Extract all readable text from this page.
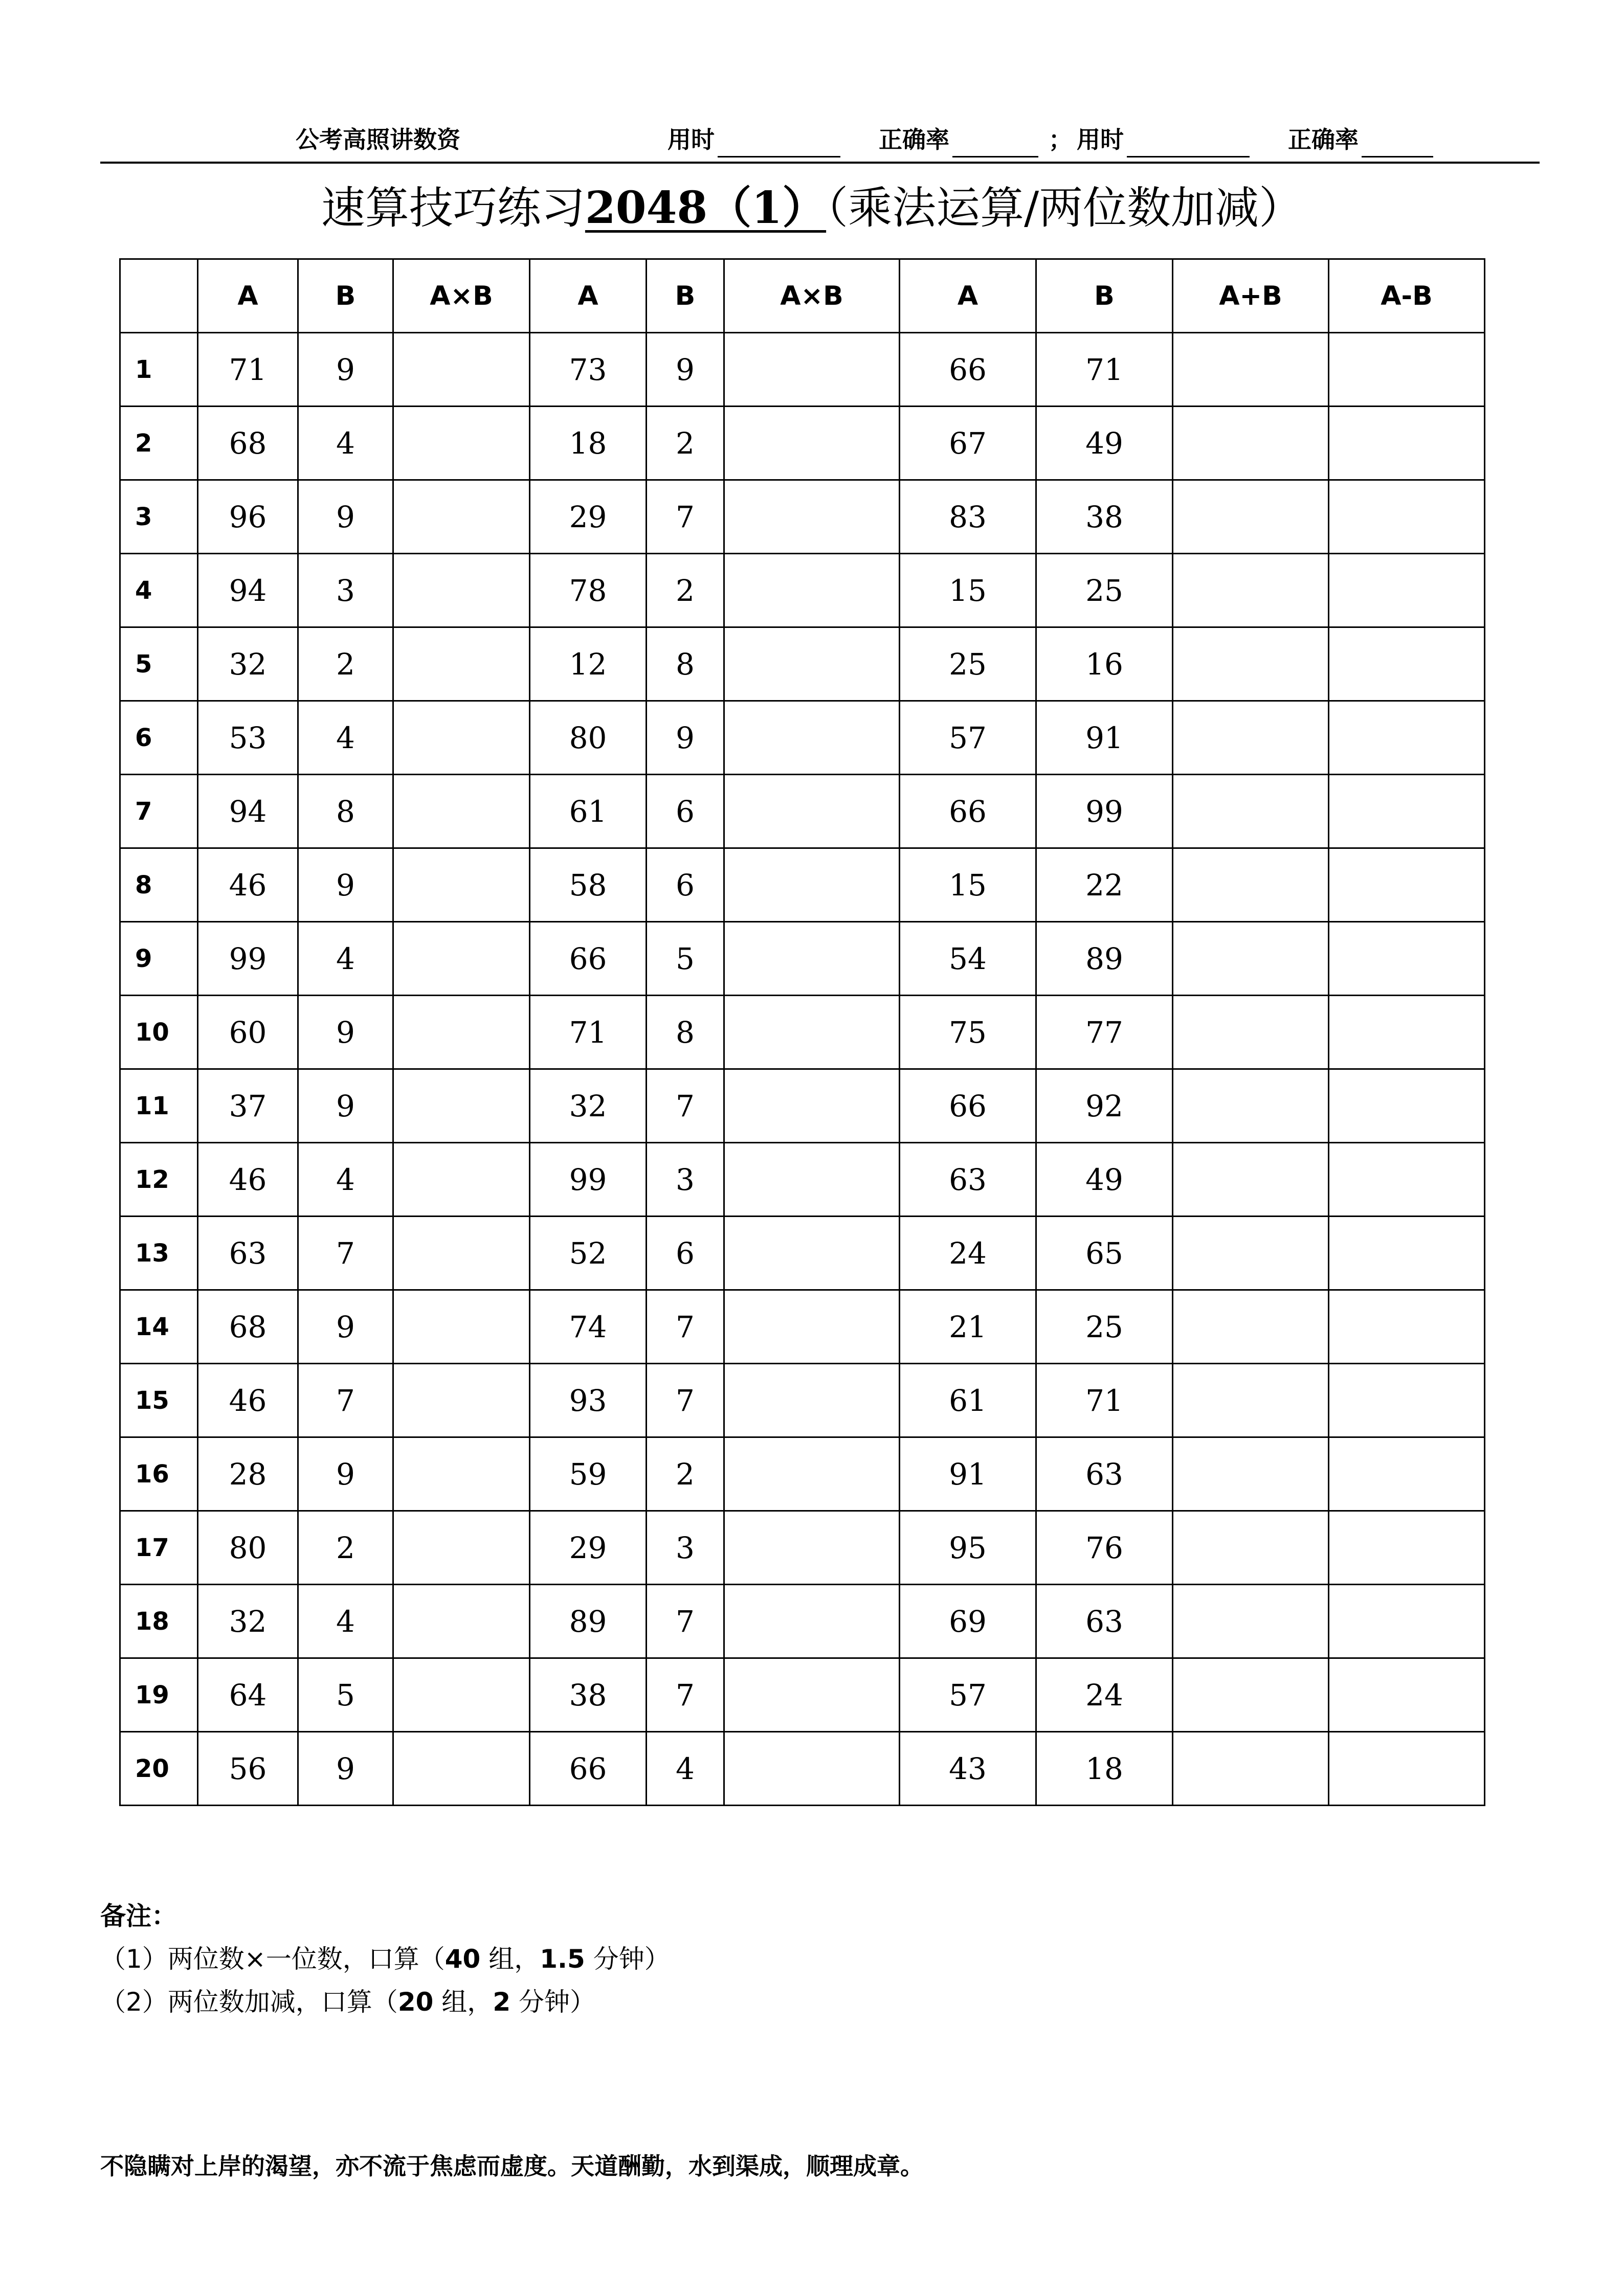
公考高照讲数资	用时	正确率	； 用时	正确率
速算技巧练习2048（1）（乘法运算/两位数加减）
	A	B	A×B	A	B	A×B	A	B	A+B	A-B
1	71	9		73	9		66	71		
2	68	4		18	2		67	49		
3	96	9		29	7		83	38		
4	94	3		78	2		15	25		
5	32	2		12	8		25	16		
6	53	4		80	9		57	91		
7	94	8		61	6		66	99		
8	46	9		58	6		15	22		
9	99	4		66	5		54	89		
10	60	9		71	8		75	77		
11	37	9		32	7		66	92		
12	46	4		99	3		63	49		
13	63	7		52	6		24	65		
14	68	9		74	7		21	25		
15	46	7		93	7		61	71		
16	28	9		59	2		91	63		
17	80	2		29	3		95	76		
18	32	4		89	7		69	63		
19	64	5		38	7		57	24		
20	56	9		66	4		43	18		
备注：
（1）两位数×一位数，口算（40 组，1.5 分钟）
（2）两位数加减，口算（20 组，2 分钟）
不隐瞒对上岸的渴望，亦不流于焦虑而虚度。天道酬勤，水到渠成，顺理成章。
